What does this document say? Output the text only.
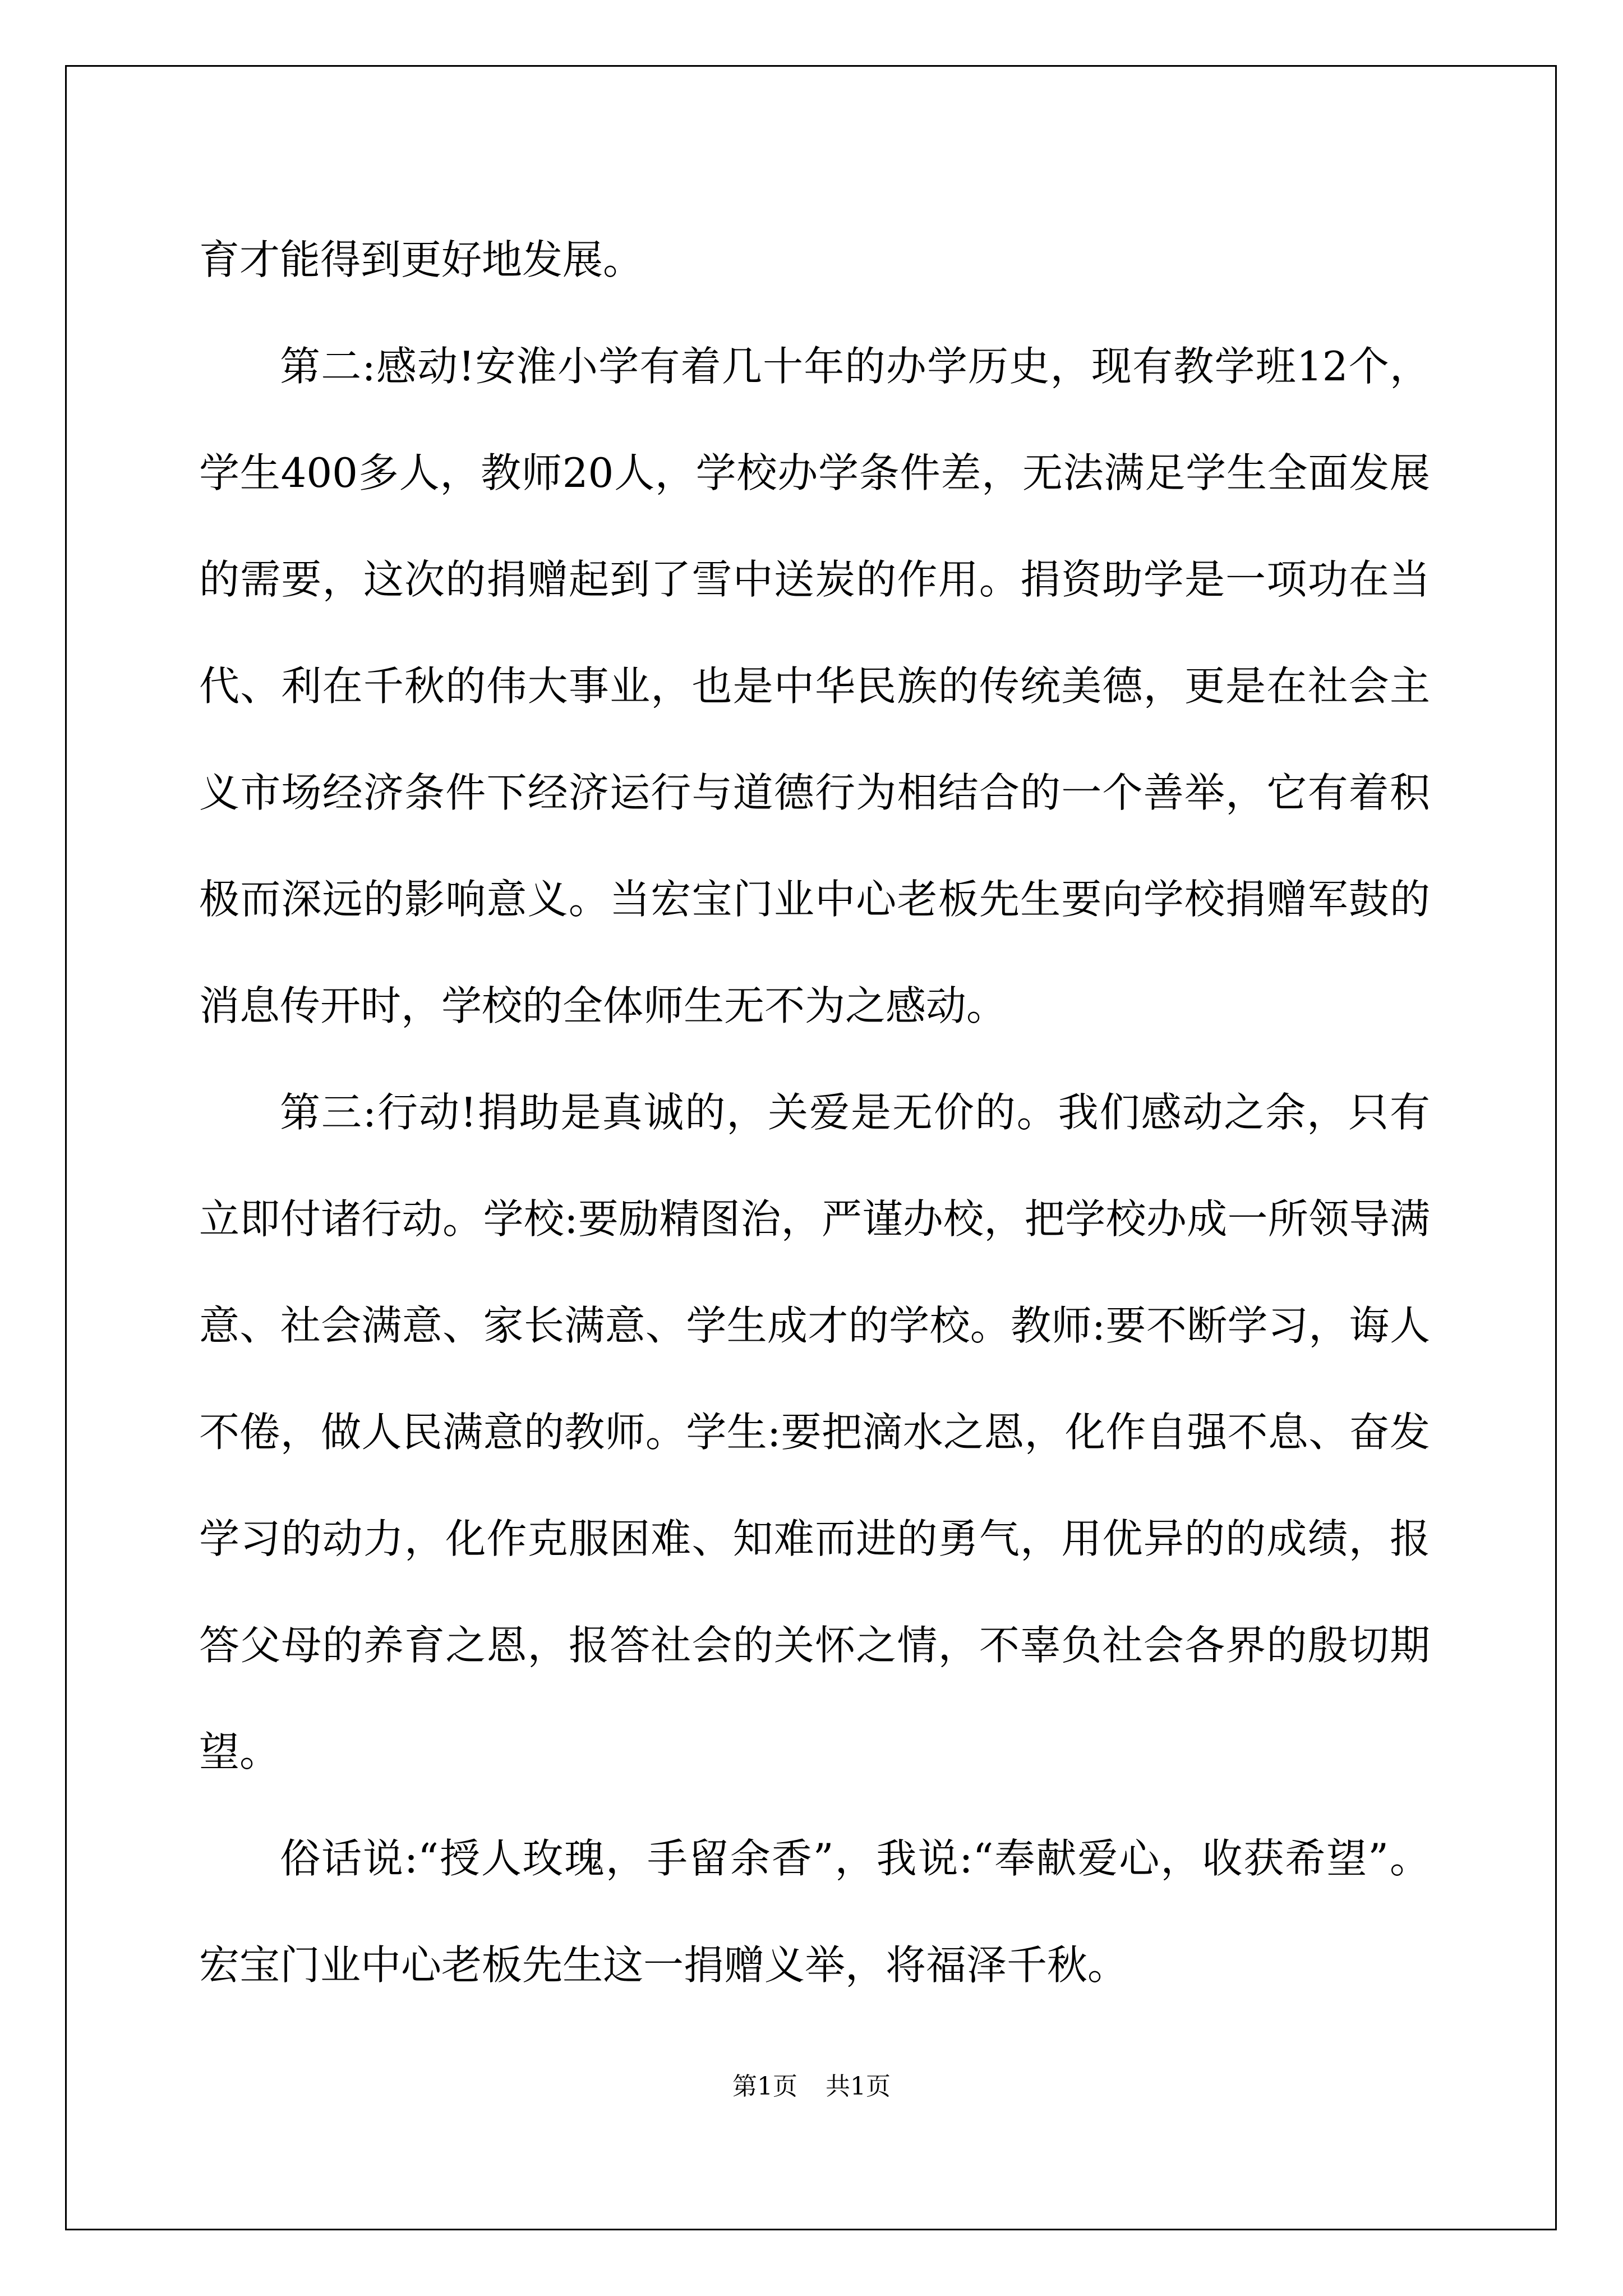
育才能得到更好地发展。

第二:感动!安淮小学有着几十年的办学历史，现有教学班12个，学生400多人，教师20人，学校办学条件差，无法满足学生全面发展的需要，这次的捐赠起到了雪中送炭的作用。捐资助学是一项功在当代、利在千秋的伟大事业，也是中华民族的传统美德，更是在社会主义市场经济条件下经济运行与道德行为相结合的一个善举，它有着积极而深远的影响意义。当宏宝门业中心老板先生要向学校捐赠军鼓的消息传开时，学校的全体师生无不为之感动。

第三:行动!捐助是真诚的，关爱是无价的。我们感动之余，只有立即付诸行动。学校:要励精图治，严谨办校，把学校办成一所领导满意、社会满意、家长满意、学生成才的学校。教师:要不断学习，诲人不倦，做人民满意的教师。学生:要把滴水之恩，化作自强不息、奋发学习的动力，化作克服困难、知难而进的勇气，用优异的的成绩，报答父母的养育之恩，报答社会的关怀之情，不辜负社会各界的殷切期望。

俗话说:“授人玫瑰，手留余香”，我说:“奉献爱心，收获希望”。宏宝门业中心老板先生这一捐赠义举，将福泽千秋。

第1页 共1页
